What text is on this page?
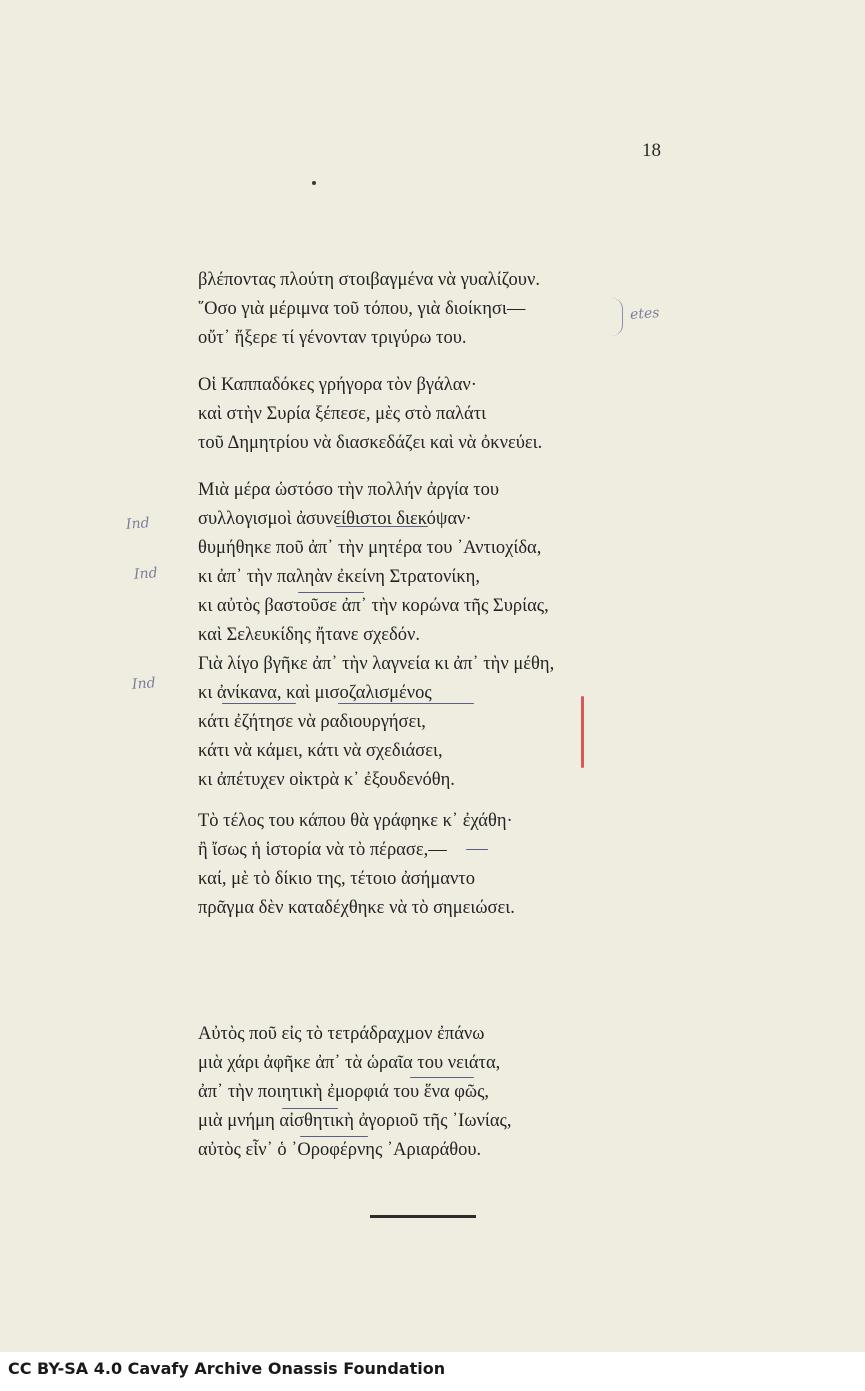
18
βλέποντας πλούτη στοιβαγμένα νὰ γυαλίζουν.
῞Οσο γιὰ μέριμνα τοῦ τόπου, γιὰ διοίκησι—
οὔτ᾿ ἤξερε τί γένονταν τριγύρω του.
Οἱ Καππαδόκες γρήγορα τὸν βγάλαν·
καὶ στὴν Συρία ξέπεσε, μὲς στὸ παλάτι
τοῦ Δημητρίου νὰ διασκεδάζει καὶ νὰ ὀκνεύει.
Μιὰ μέρα ὡστόσο τὴν πολλήν ἀργία του
συλλογισμοὶ ἀσυνείθιστοι διεκόψαν·
θυμήθηκε ποῦ ἀπ᾿ τὴν μητέρα του ᾿Αντιοχίδα,
κι ἀπ᾿ τὴν παληὰν ἐκείνη Στρατονίκη,
κι αὐτὸς βαστοῦσε ἀπ᾿ τὴν κορώνα τῆς Συρίας,
καὶ Σελευκίδης ἤτανε σχεδόν.
Γιὰ λίγο βγῆκε ἀπ᾿ τὴν λαγνεία κι ἀπ᾿ τὴν μέθη,
κι ἀνίκανα, καὶ μισοζαλισμένος
κάτι ἐζήτησε νὰ ραδιουργήσει,
κάτι νὰ κάμει, κάτι νὰ σχεδιάσει,
κι ἀπέτυχεν οἰκτρὰ κ᾿ ἐξουδενόθη.
Τὸ τέλος του κάπου θὰ γράφηκε κ᾿ ἐχάθη·
ἢ ἴσως ἡ ἱστορία νὰ τὸ πέρασε,—
καί, μὲ τὸ δίκιο της, τέτοιο ἀσήμαντο
πρᾶγμα δὲν καταδέχθηκε νὰ τὸ σημειώσει.
Αὐτὸς ποῦ εἰς τὸ τετράδραχμον ἐπάνω
μιὰ χάρι ἀφῆκε ἀπ᾿ τὰ ὡραῖα του νειάτα,
ἀπ᾿ τὴν ποιητικὴ ἐμορφιά του ἕνα φῶς,
μιὰ μνήμη αἰσθητικὴ ἀγοριοῦ τῆς ᾿Ιωνίας,
αὐτὸς εἶν᾿ ὁ ᾿Οροφέρνης ᾿Αριαράθου.
etes
Ind
Ind
Ind
CC BY-SA 4.0 Cavafy Archive Onassis Foundation
